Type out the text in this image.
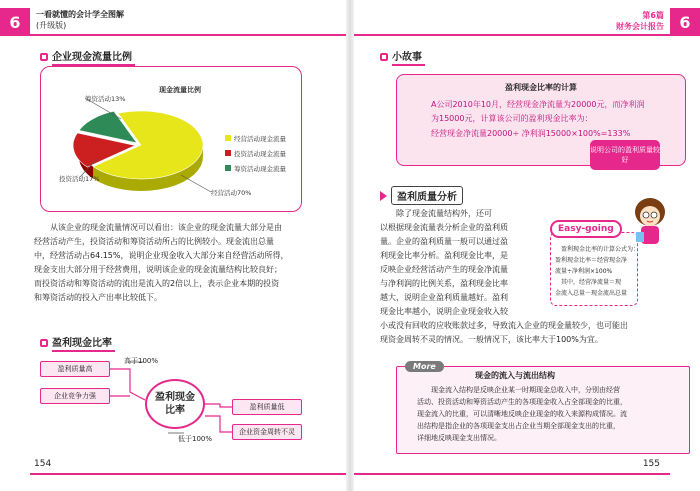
6	一看就懂的会计学全图解
(升级版)
企业现金流量比例
现金流量比例
经营活动70%
投资活动17%
筹资活动13%
经营活动现金流量
投资活动现金流量
筹资活动现金流量
从该企业的现金流量情况可以看出：该企业的现金流量大部分是由
经营活动产生，投资活动和筹资活动所占的比例较小。现金流出总量
中，经营活动占64.15%，说明企业现金收入大部分来自经营活动所得，
现金支出大部分用于经营费用，说明该企业的现金流量结构比较良好；
而投资活动和筹资活动的流出是流入的2倍以上，表示企业本期的投资
和筹资活动的投入产出率比较低下。
盈利现金比率
高于100%
低于100%
盈利质量高
企业竞争力强	盈利现金
比率	盈利质量低
企业资金周转不灵
154
第6篇
财务会计报告 6
小故事
盈利现金比率的计算
A公司2010年10月，经营现金净流量为20000元，而净利润
为15000元，计算该公司的盈利现金比率为：
经营现金净流量20000÷ 净利润15000×100%=133%
说明公司的盈利质量较好
盈利质量分析
除了现金流量结构外，还可
以根据现金流量表分析企业的盈利质
量。企业的盈利质量一般可以通过盈
利现金比率分析。盈利现金比率，是
反映企业经营活动产生的现金净流量
与净利润的比例关系，盈利现金比率
越大，说明企业盈利质量越好。盈利
现金比率越小，说明企业现金收入较
小或没有回收的应收账款过多，导致流入企业的现金量较少，也可能出
现资金周转不灵的情况。一般情况下，该比率大于100%为宜。
盈利现金比率的计算公式为：
盈利现金比率＝经营现金净
流量÷净利润×100%
其中，经营净流量＝现
金流入总量－现金流出总量
Easy-going
More
现金的流入与流出结构
现金流入结构是反映企业某一时期现金总收入中，分别由经营
活动、投资活动和筹资活动产生的各项现金收入占全部现金的比重，
现金流入的比重，可以清晰地反映企业现金的收入来源构成情况。流
出结构是指企业的各项现金支出占企业当期全部现金支出的比重，
详细地反映现金支出情况。
155
